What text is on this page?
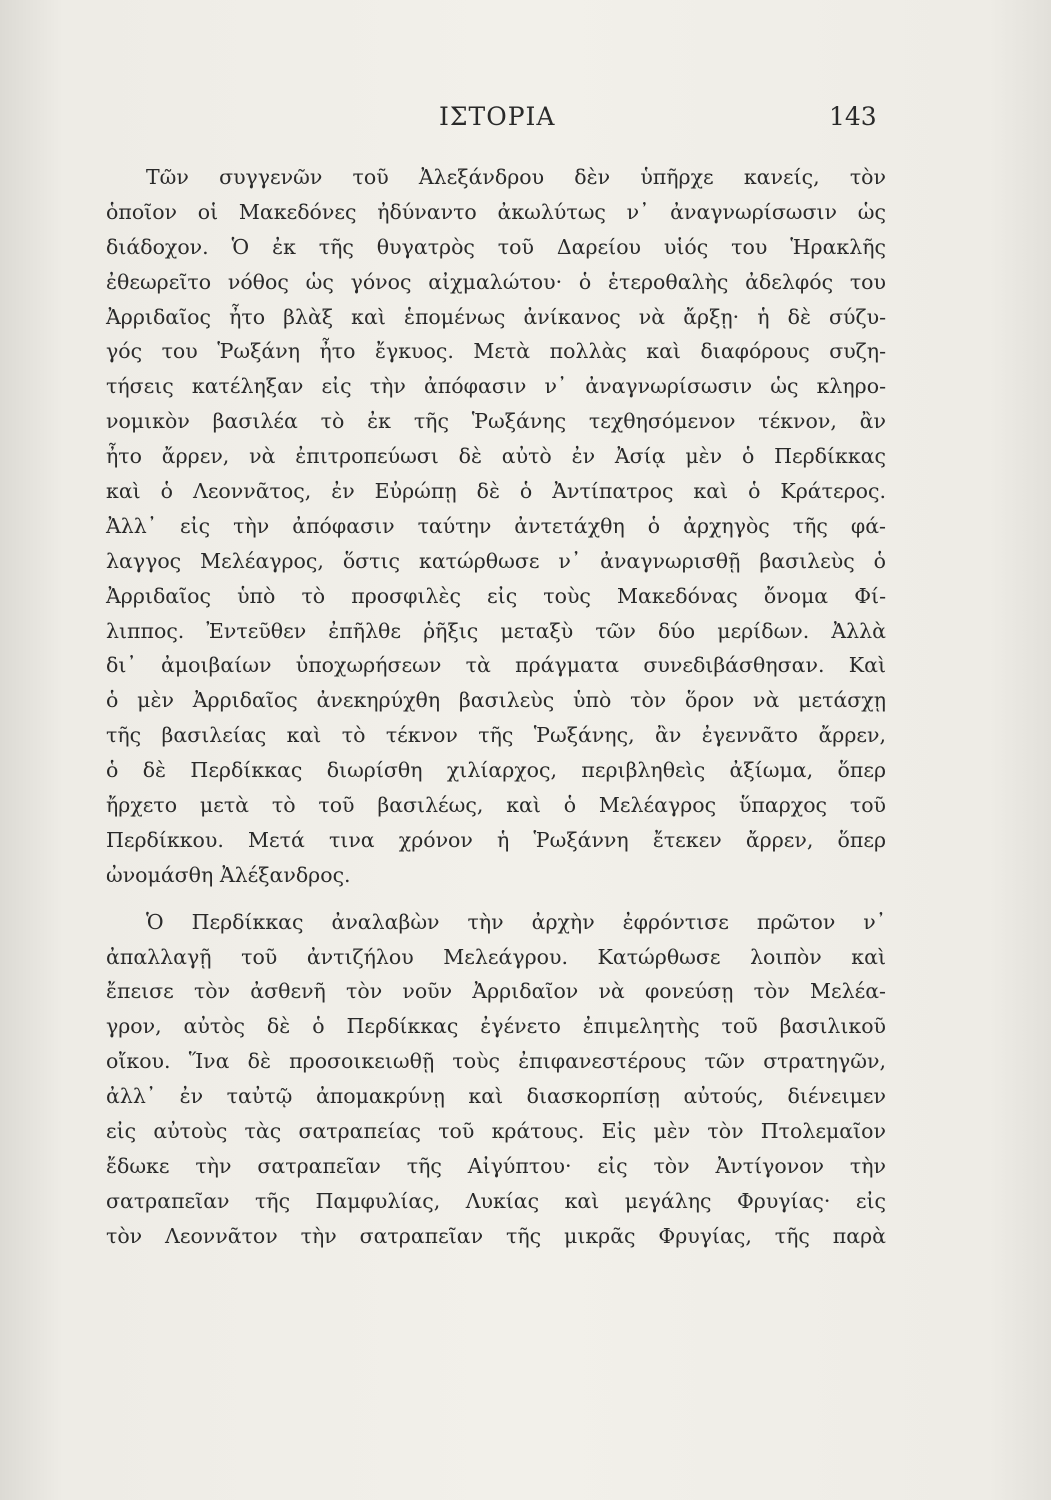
ΙΣΤΟΡΙΑ	143
Τῶν συγγενῶν τοῦ Ἀλεξάνδρου δὲν ὑπῆρχε κανείς, τὸν
ὁποῖον οἱ Μακεδόνες ἠδύναντο ἀκωλύτως ν᾽ ἀναγνωρίσωσιν ὡς
διάδοχον. Ὁ ἐκ τῆς θυγατρὸς τοῦ Δαρείου υἱός του Ἡρακλῆς
ἐθεωρεῖτο νόθος ὡς γόνος αἰχμαλώτου· ὁ ἑτεροθαλὴς ἀδελφός του
Ἀρριδαῖος ἦτο βλὰξ καὶ ἑπομένως ἀνίκανος νὰ ἄρξῃ· ἡ δὲ σύζυ-
γός του Ῥωξάνη ἦτο ἔγκυος. Μετὰ πολλὰς καὶ διαφόρους συζη-
τήσεις κατέληξαν εἰς τὴν ἀπόφασιν ν᾽ ἀναγνωρίσωσιν ὡς κληρο-
νομικὸν βασιλέα τὸ ἐκ τῆς Ῥωξάνης τεχθησόμενον τέκνον, ἂν
ἦτο ἄρρεν, νὰ ἐπιτροπεύωσι δὲ αὐτὸ ἐν Ἀσίᾳ μὲν ὁ Περδίκκας
καὶ ὁ Λεοννᾶτος, ἐν Εὐρώπῃ δὲ ὁ Ἀντίπατρος καὶ ὁ Κράτερος.
Ἀλλ᾽ εἰς τὴν ἀπόφασιν ταύτην ἀντετάχθη ὁ ἀρχηγὸς τῆς φά-
λαγγος Μελέαγρος, ὅστις κατώρθωσε ν᾽ ἀναγνωρισθῇ βασιλεὺς ὁ
Ἀρριδαῖος ὑπὸ τὸ προσφιλὲς εἰς τοὺς Μακεδόνας ὄνομα Φί-
λιππος. Ἐντεῦθεν ἐπῆλθε ῥῆξις μεταξὺ τῶν δύο μερίδων. Ἀλλὰ
δι᾽ ἀμοιβαίων ὑποχωρήσεων τὰ πράγματα συνεδιβάσθησαν. Καὶ
ὁ μὲν Ἀρριδαῖος ἀνεκηρύχθη βασιλεὺς ὑπὸ τὸν ὅρον νὰ μετάσχῃ
τῆς βασιλείας καὶ τὸ τέκνον τῆς Ῥωξάνης, ἂν ἐγεννᾶτο ἄρρεν,
ὁ δὲ Περδίκκας διωρίσθη χιλίαρχος, περιβληθεὶς ἀξίωμα, ὅπερ
ἤρχετο μετὰ τὸ τοῦ βασιλέως, καὶ ὁ Μελέαγρος ὕπαρχος τοῦ
Περδίκκου. Μετά τινα χρόνον ἡ Ῥωξάννη ἔτεκεν ἄρρεν, ὅπερ
ὠνομάσθη Ἀλέξανδρος.
Ὁ Περδίκκας ἀναλαβὼν τὴν ἀρχὴν ἐφρόντισε πρῶτον ν᾽
ἀπαλλαγῇ τοῦ ἀντιζήλου Μελεάγρου. Κατώρθωσε λοιπὸν καὶ
ἔπεισε τὸν ἀσθενῆ τὸν νοῦν Ἀρριδαῖον νὰ φονεύσῃ τὸν Μελέα-
γρον, αὐτὸς δὲ ὁ Περδίκκας ἐγένετο ἐπιμελητὴς τοῦ βασιλικοῦ
οἴκου. Ἵνα δὲ προσοικειωθῇ τοὺς ἐπιφανεστέρους τῶν στρατηγῶν,
ἀλλ᾽ ἐν ταὐτῷ ἀπομακρύνῃ καὶ διασκορπίσῃ αὐτούς, διένειμεν
εἰς αὐτοὺς τὰς σατραπείας τοῦ κράτους. Εἰς μὲν τὸν Πτολεμαῖον
ἔδωκε τὴν σατραπεῖαν τῆς Αἰγύπτου· εἰς τὸν Ἀντίγονον τὴν
σατραπεῖαν τῆς Παμφυλίας, Λυκίας καὶ μεγάλης Φρυγίας· εἰς
τὸν Λεοννᾶτον τὴν σατραπεῖαν τῆς μικρᾶς Φρυγίας, τῆς παρὰ
